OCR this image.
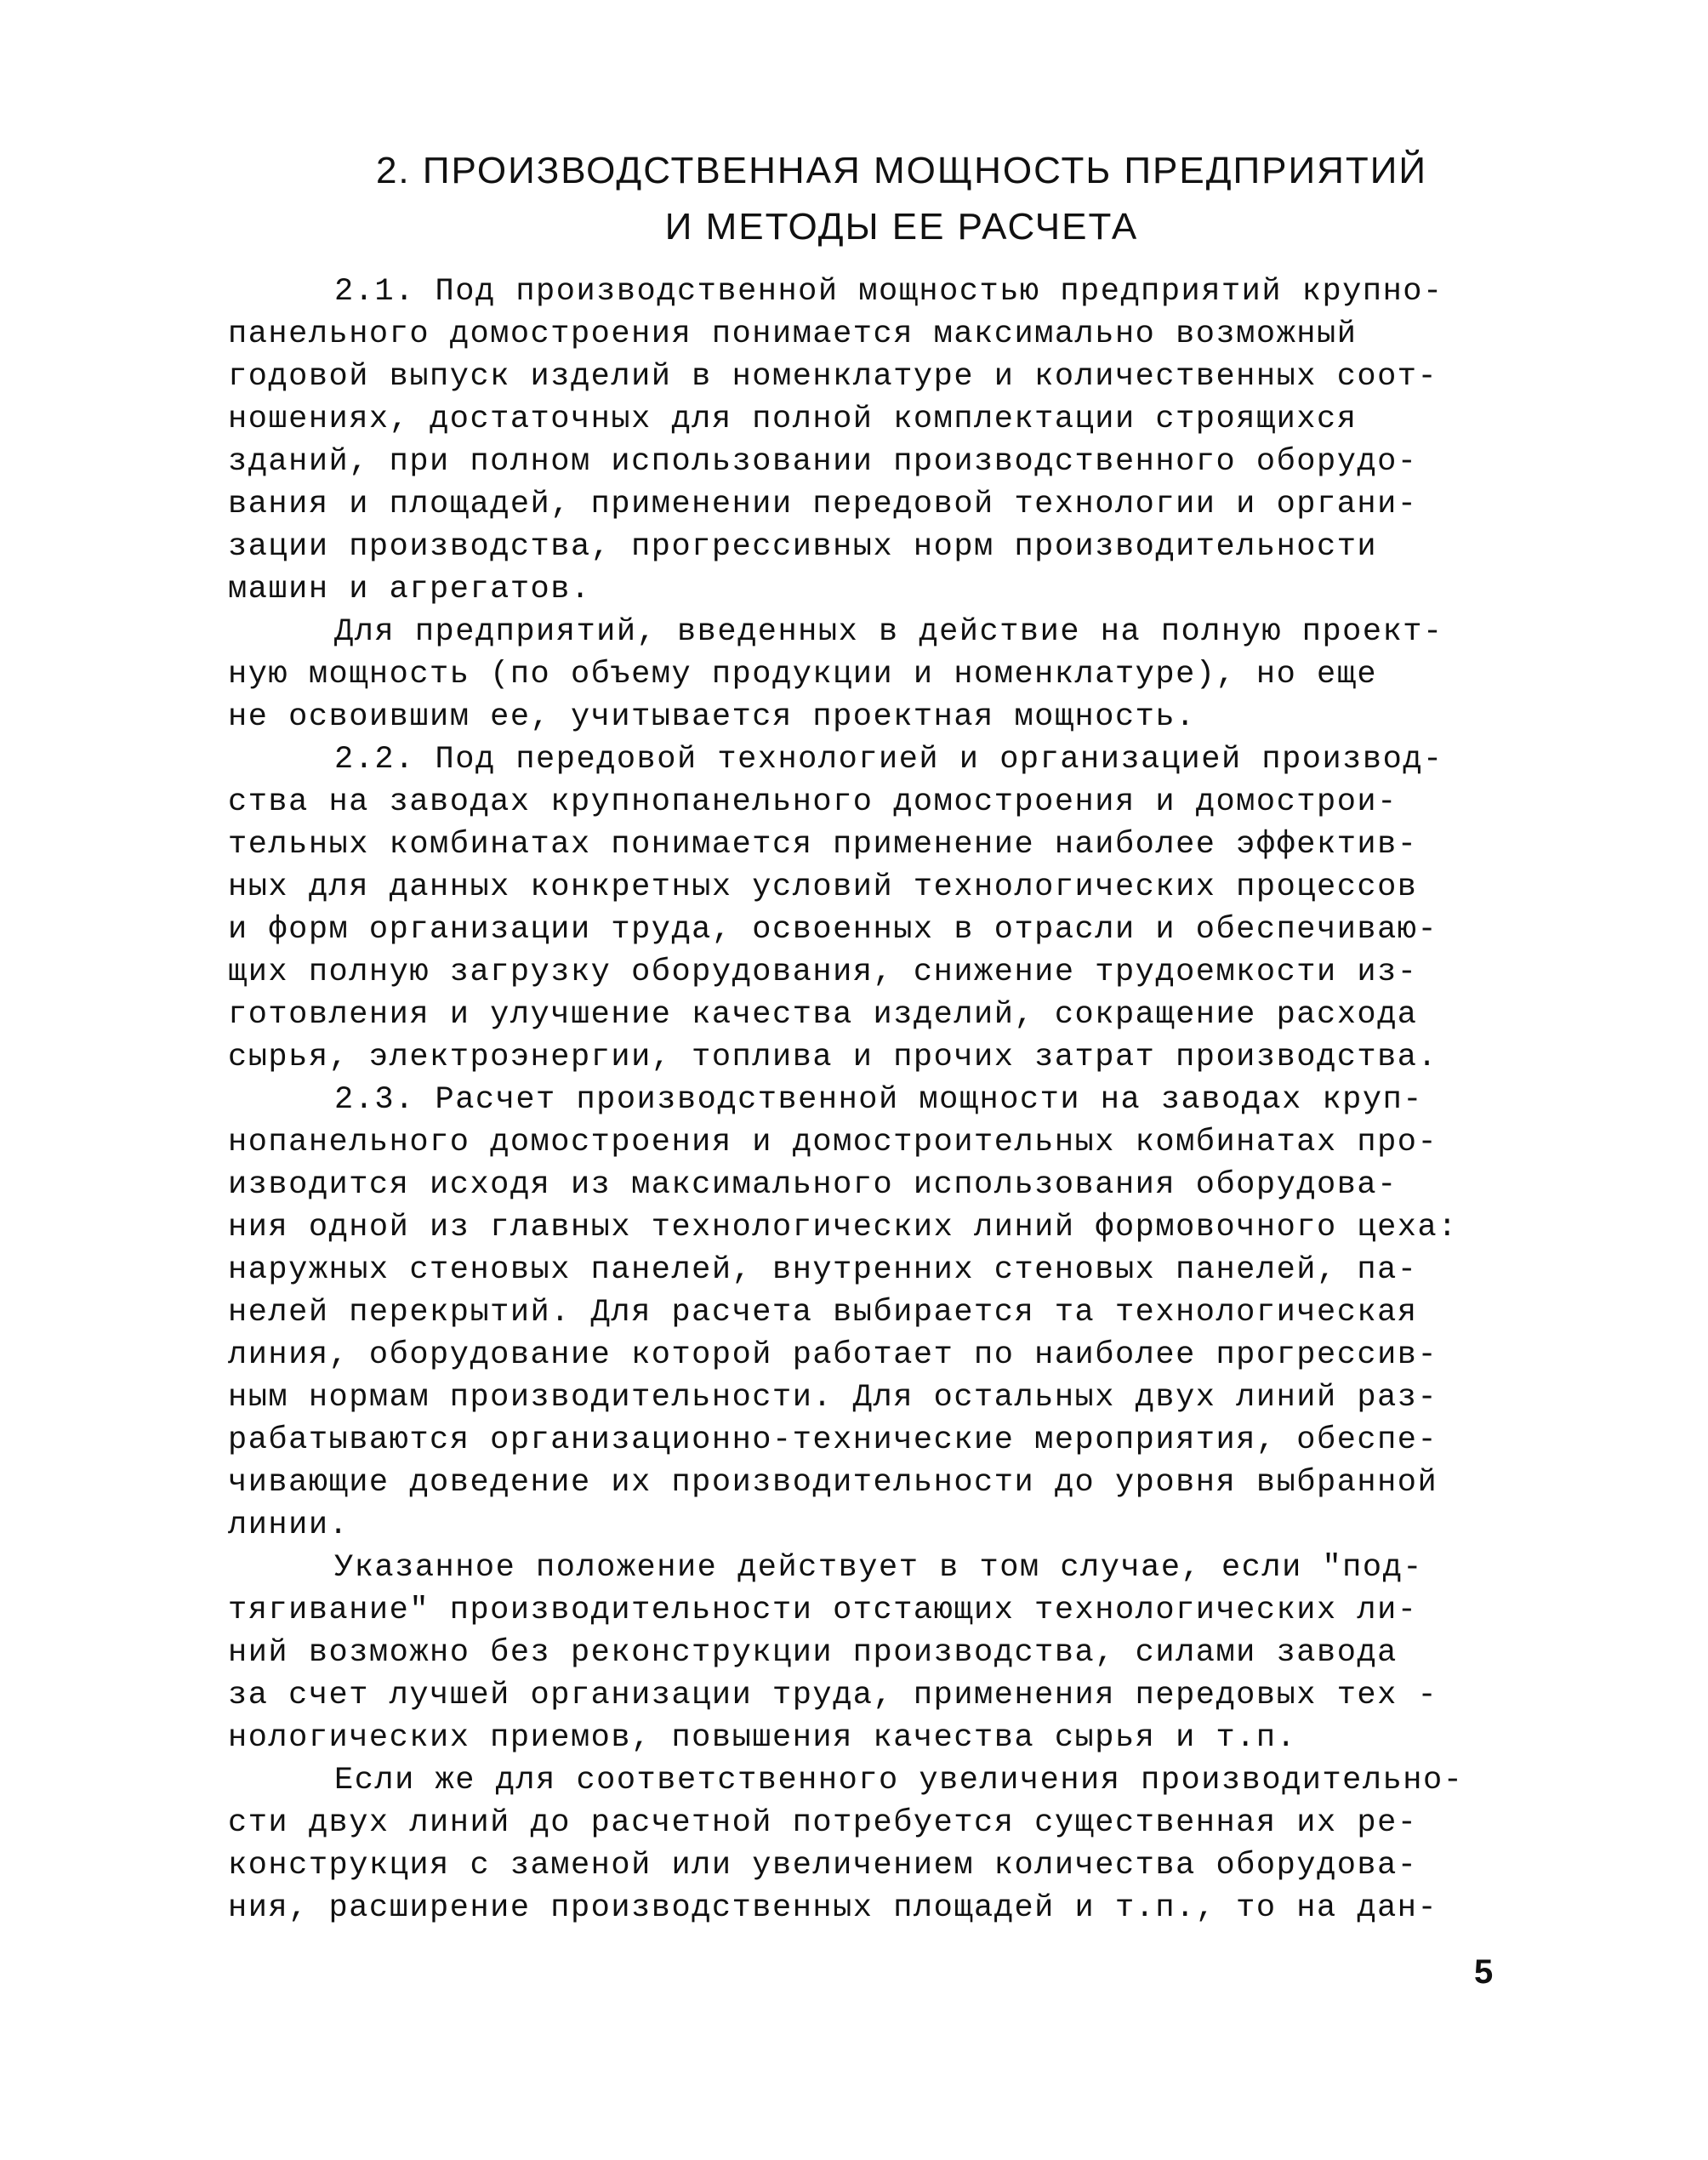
2. ПРОИЗВОДСТВЕННАЯ МОЩНОСТЬ ПРЕДПРИЯТИЙ
И МЕТОДЫ ЕЕ РАСЧЕТА
2.1. Под производственной мощностью предприятий крупно-
панельного домостроения понимается максимально возможный
годовой выпуск изделий в номенклатуре и количественных соот-
ношениях, достаточных для полной комплектации строящихся
зданий, при полном использовании производственного оборудо-
вания и площадей, применении передовой технологии и органи-
зации производства, прогрессивных норм производительности
машин и агрегатов.
Для предприятий, введенных в действие на полную проект-
ную мощность (по объему продукции и номенклатуре), но еще
не освоившим ее, учитывается проектная мощность.
2.2. Под передовой технологией и организацией производ-
ства на заводах крупнопанельного домостроения и домострои-
тельных комбинатах понимается применение наиболее эффектив-
ных для данных конкретных условий технологических процессов
и форм организации труда, освоенных в отрасли и обеспечиваю-
щих полную загрузку оборудования, снижение трудоемкости из-
готовления и улучшение качества изделий, сокращение расхода
сырья, электроэнергии, топлива и прочих затрат производства.
2.3. Расчет производственной мощности на заводах круп-
нопанельного домостроения и домостроительных комбинатах про-
изводится исходя из максимального использования оборудова-
ния одной из главных технологических линий формовочного цеха:
наружных стеновых панелей, внутренних стеновых панелей, па-
нелей перекрытий. Для расчета выбирается та технологическая
линия, оборудование которой работает по наиболее прогрессив-
ным нормам производительности. Для остальных двух линий раз-
рабатываются организационно-технические мероприятия, обеспе-
чивающие доведение их производительности до уровня выбранной
линии.
Указанное положение действует в том случае, если "под-
тягивание" производительности отстающих технологических ли-
ний возможно без реконструкции производства, силами завода
за счет лучшей организации труда, применения передовых тех -
нологических приемов, повышения качества сырья и т.п.
Если же для соответственного увеличения производительно-
сти двух линий до расчетной потребуется существенная их ре-
конструкция с заменой или увеличением количества оборудова-
ния, расширение производственных площадей и т.п., то на дан-
5
